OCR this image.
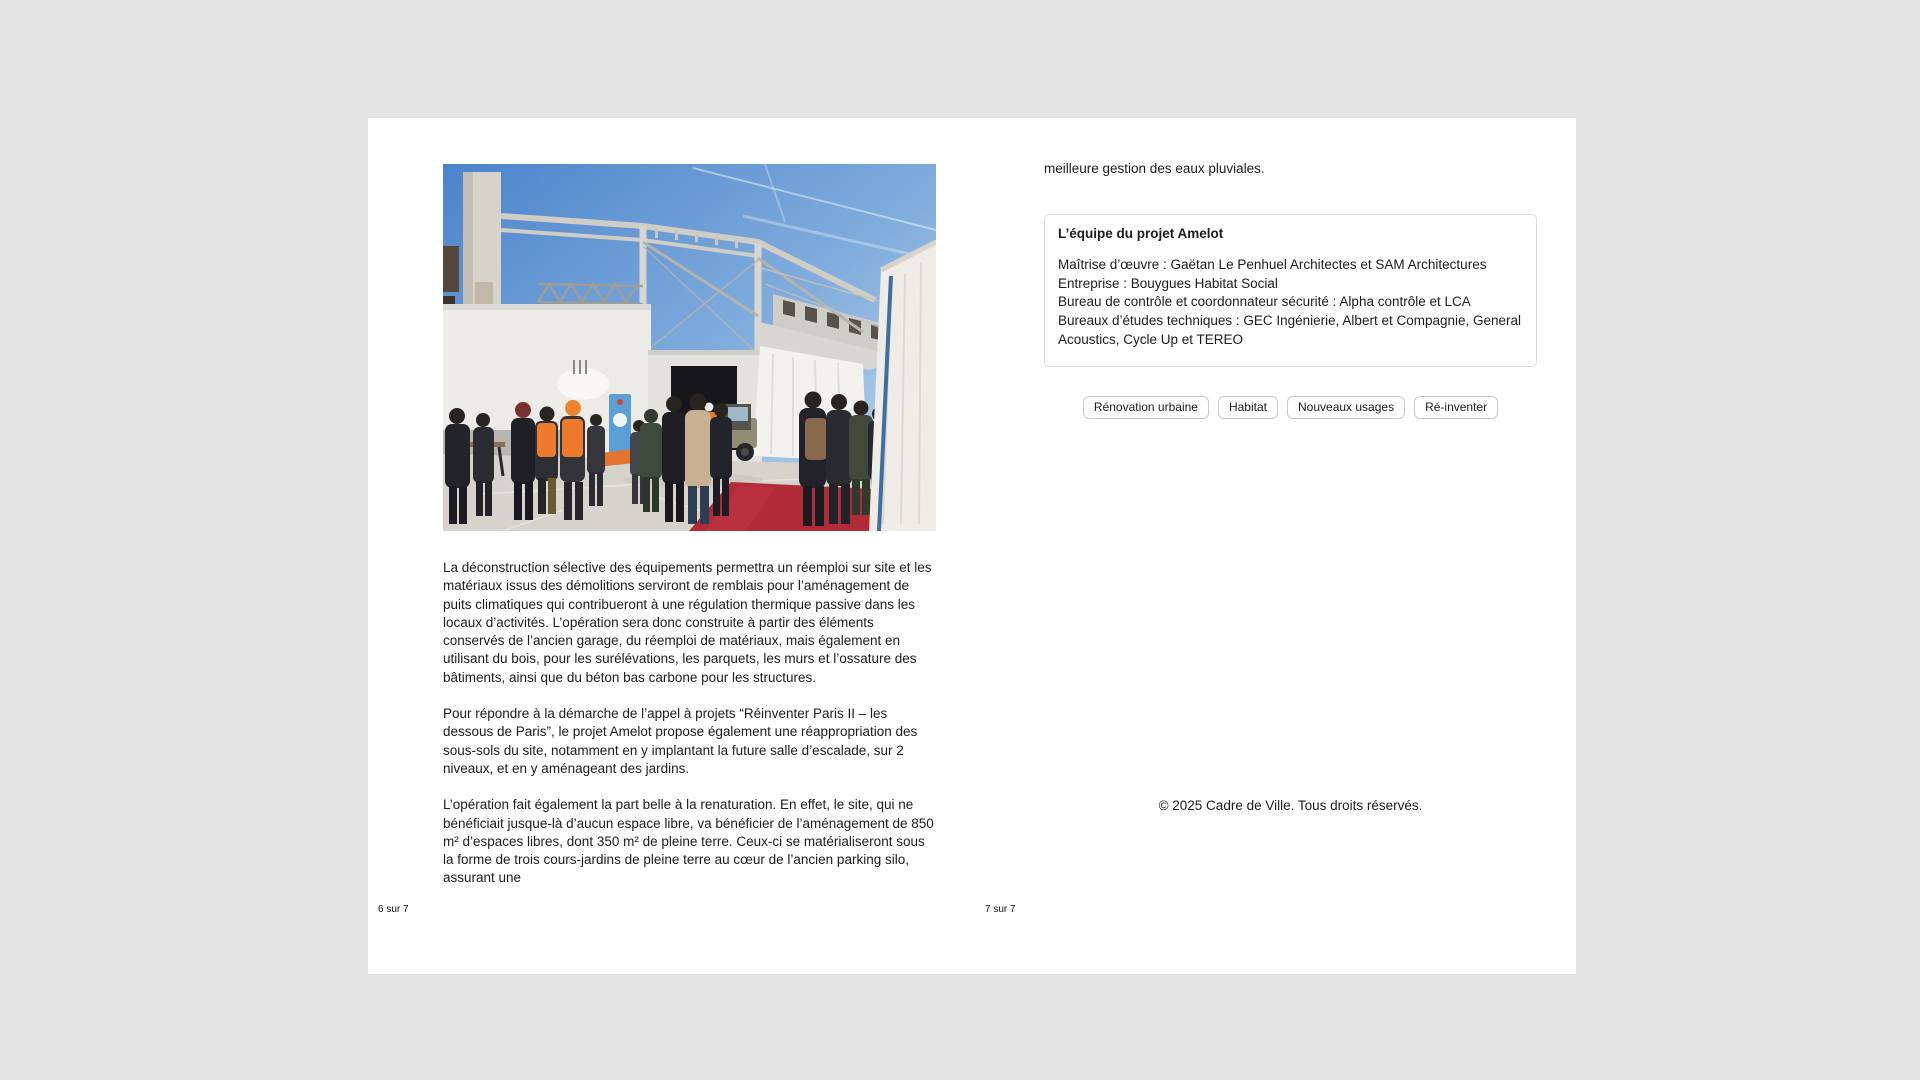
La déconstruction sélective des équipements permettra un réemploi sur site et les matériaux issus des démolitions serviront de remblais pour l’aménagement de puits climatiques qui contribueront à une régulation thermique passive dans les locaux d’activités. L’opération sera donc construite à partir des éléments conservés de l’ancien garage, du réemploi de matériaux, mais également en utilisant du bois, pour les surélévations, les parquets, les murs et l’ossature des bâtiments, ainsi que du béton bas carbone pour les structures.

Pour répondre à la démarche de l’appel à projets “Réinventer Paris II – les dessous de Paris”, le projet Amelot propose également une réappropriation des sous-sols du site, notamment en y implantant la future salle d’escalade, sur 2 niveaux, et en y aménageant des jardins.

L’opération fait également la part belle à la renaturation. En effet, le site, qui ne bénéficiait jusque-là d’aucun espace libre, va bénéficier de l’aménagement de 850 m² d’espaces libres, dont 350 m² de pleine terre. Ceux-ci se matérialiseront sous la forme de trois cours-jardins de pleine terre au cœur de l’ancien parking silo, assurant une

6 sur 7
meilleure gestion des eaux pluviales.
L’équipe du projet Amelot
Maîtrise d’œuvre : Gaëtan Le Penhuel Architectes et SAM Architectures
Entreprise : Bouygues Habitat Social
Bureau de contrôle et coordonnateur sécurité : Alpha contrôle et LCA
Bureaux d’études techniques : GEC Ingénierie, Albert et Compagnie, General Acoustics, Cycle Up et TEREO
Rénovation urbaine	Habitat	Nouveaux usages	Ré-inventer
© 2025 Cadre de Ville. Tous droits réservés.
7 sur 7
